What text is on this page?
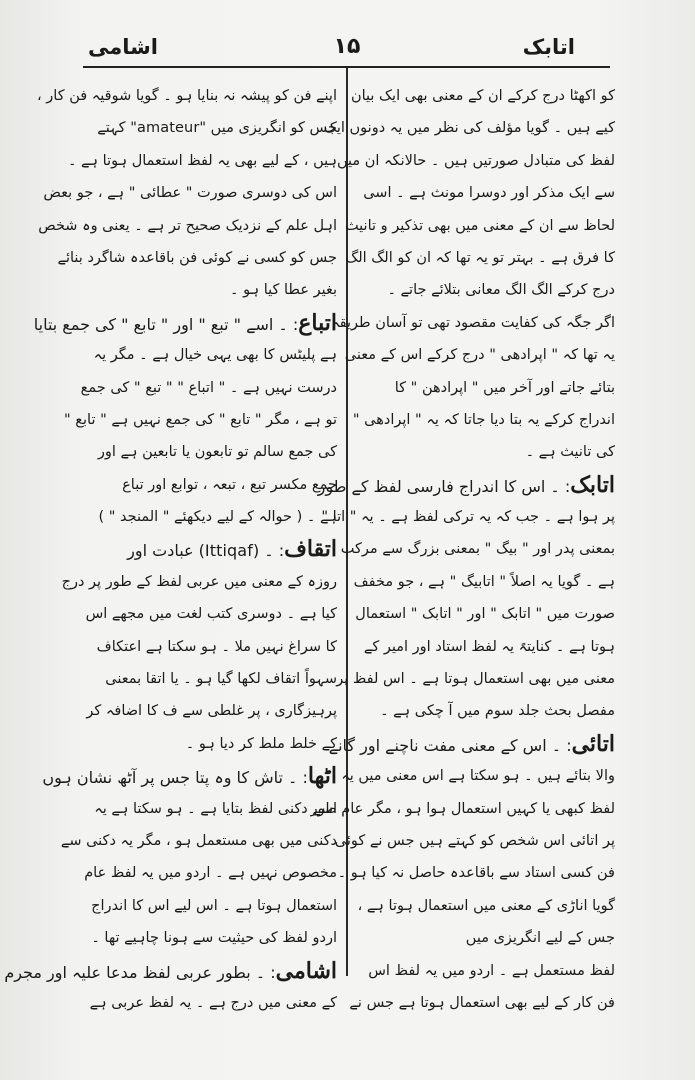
اتابک
۱۵
اشامی
کو اکھٹا درج کرکے ان کے معنی بھی ایک بیان
کیے ہیں ۔ گویا مؤلف کی نظر میں یہ دونوں ایک
لفظ کی متبادل صورتیں ہیں ۔ حالانکہ ان میں
سے ایک مذکر اور دوسرا مونث ہے ۔ اسی
لحاظ سے ان کے معنی میں بھی تذکیر و تانیث
کا فرق ہے ۔ بہتر تو یہ تھا کہ ان کو الگ الگ
درج کرکے الگ الگ معانی بتلائے جاتے ۔
اگر جگہ کی کفایت مقصود تھی تو آسان طریقہ
یہ تھا کہ " اپرادھی " درج کرکے اس کے معنی
بتائے جاتے اور آخر میں " اپرادھن " کا
اندراج کرکے یہ بتا دیا جاتا کہ یہ " اپرادھی "
کی تانیث ہے ۔
اتابک: ۔ اس کا اندراج فارسی لفظ کے طور
پر ہوا ہے ۔ جب کہ یہ ترکی لفظ ہے ۔ یہ " اتا "
بمعنی پدر اور " بیگ " بمعنی بزرگ سے مرکب
ہے ۔ گویا یہ اصلاً " اتابیگ " ہے ، جو مخفف
صورت میں " اتابک " اور " اتابک " استعمال
ہوتا ہے ۔ کنایتہً یہ لفظ استاد اور امیر کے
معنی میں بھی استعمال ہوتا ہے ۔ اس لفظ پر
مفصل بحث جلد سوم میں آ چکی ہے ۔
اتائی: ۔ اس کے معنی مفت ناچنے اور گانے
والا بتائے ہیں ۔ ہو سکتا ہے اس معنی میں یہ
لفظ کبھی یا کہیں استعمال ہوا ہو ، مگر عام طور
پر اتائی اس شخص کو کہتے ہیں جس نے کوئی
فن کسی استاد سے باقاعدہ حاصل نہ کیا ہو ۔
گویا اناڑی کے معنی میں استعمال ہوتا ہے ،
جس کے لیے انگریزی میں
لفظ مستعمل ہے ۔ اردو میں یہ لفظ اس
فن کار کے لیے بھی استعمال ہوتا ہے جس نے
اپنے فن کو پیشہ نہ بنایا ہو ۔ گویا شوقیہ فن کار ،
جس کو انگریزی میں "amateur" کہتے
ہیں ، کے لیے بھی یہ لفظ استعمال ہوتا ہے ۔
اس کی دوسری صورت " عطائی " ہے ، جو بعض
اہل علم کے نزدیک صحیح تر ہے ۔ یعنی وہ شخص
جس کو کسی نے کوئی فن باقاعدہ شاگرد بنائے
بغیر عطا کیا ہو ۔
اتباع: ۔ اسے " تبع " اور " تابع " کی جمع بتایا
ہے پلیٹس کا بھی یہی خیال ہے ۔ مگر یہ
درست نہیں ہے ۔ " اتباع " " تبع " کی جمع
تو ہے ، مگر " تابع " کی جمع نہیں ہے " تابع "
کی جمع سالم تو تابعون یا تابعین ہے اور
جمع مکسر تبع ، تبعہ ، توابع اور تباع
ہے ۔ ( حوالہ کے لیے دیکھئے " المنجد " )
اتقاف: ۔ (Ittiqaf) عبادت اور
روزہ کے معنی میں عربی لفظ کے طور پر درج
کیا ہے ۔ دوسری کتب لغت میں مجھے اس
کا سراغ نہیں ملا ۔ ہو سکتا ہے اعتکاف
سہواً اتقاف لکھا گیا ہو ۔ یا اتقا بمعنی
پرہیزگاری ، پر غلطی سے ف کا اضافہ کر
کے خلط ملط کر دیا ہو ۔
اٹھا: ۔ تاش کا وہ پتا جس پر آٹھ نشان ہوں
اسے دکنی لفظ بتایا ہے ۔ ہو سکتا ہے یہ
دکنی میں بھی مستعمل ہو ، مگر یہ دکنی سے
مخصوص نہیں ہے ۔ اردو میں یہ لفظ عام
استعمال ہوتا ہے ۔ اس لیے اس کا اندراج
اردو لفظ کی حیثیت سے ہونا چاہیے تھا ۔
اشامی: ۔ بطور عربی لفظ مدعا علیہ اور مجرم
کے معنی میں درج ہے ۔ یہ لفظ عربی ہے
